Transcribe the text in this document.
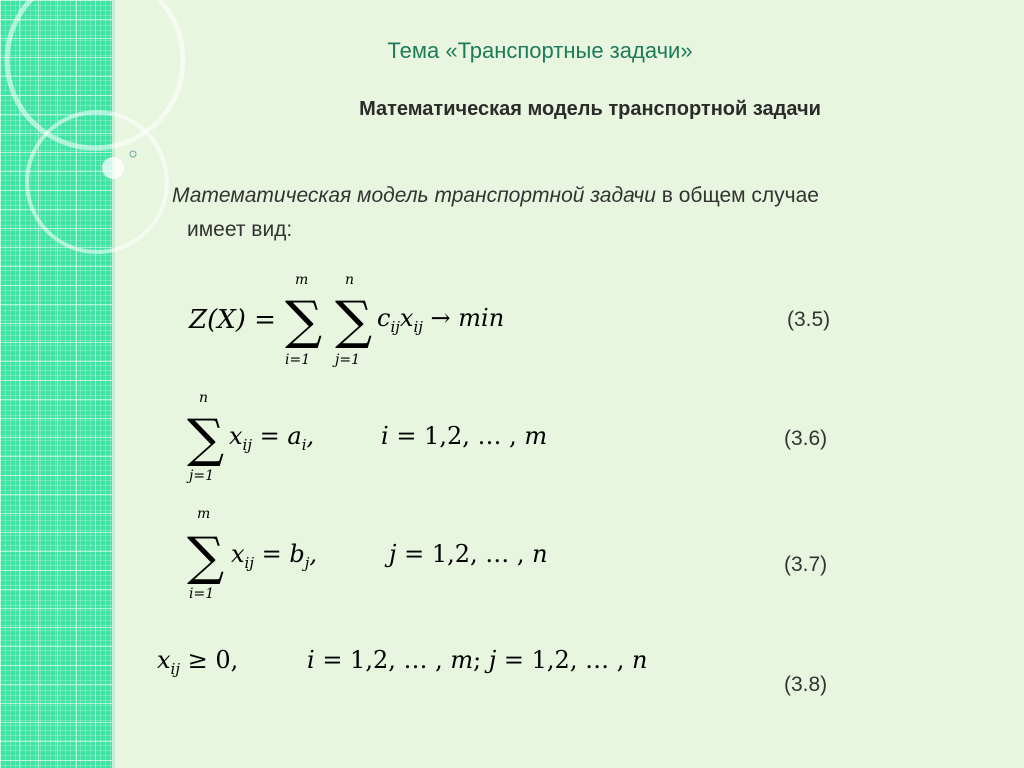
Тема «Транспортные задачи»
Математическая модель транспортной задачи
Математическая модель транспортной задачи в общем случае
имеет вид:
Z(X) = ∑ ∑
m	n
i=1 j=1
$c_{ij}x_{ij} \to \min$	(3.5)
∑
n
j=1
$x_{ij} = a_i$,	i = 1,2, … , m	(3.6)
∑
m
i=1
$x_{ij} = b_j$,	j = 1,2, … , n	(3.7)
$x_{ij} \ge 0$,	i = 1,2, … , m; j = 1,2, … , n
(3.8)
